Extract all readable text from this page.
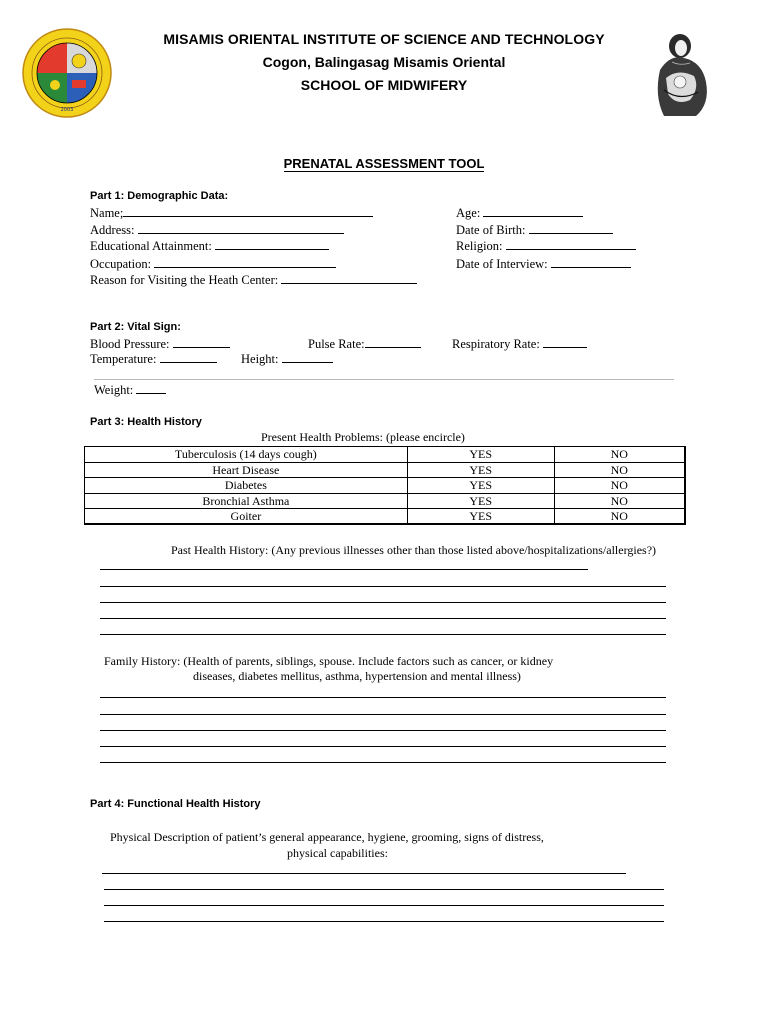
2003
MISAMIS ORIENTAL INSTITUTE OF SCIENCE AND TECHNOLOGY
Cogon, Balingasag Misamis Oriental
SCHOOL OF MIDWIFERY
PRENATAL ASSESSMENT TOOL
Part 1: Demographic Data:
Name;
Address:
Educational Attainment:
Occupation:
Reason for Visiting the Heath Center:
Age:
Date of Birth:
Religion:
Date of Interview:
Part 2: Vital Sign:
Blood Pressure:	Pulse Rate:	Respiratory Rate:
Temperature:	Height:
Weight:
Part 3: Health History
Present Health Problems: (please encircle)
Tuberculosis (14 days cough)	YES	NO
Heart Disease	YES	NO
Diabetes	YES	NO
Bronchial Asthma	YES	NO
Goiter	YES	NO
Past Health History: (Any previous illnesses other than those listed above/hospitalizations/allergies?)
Family History: (Health of parents, siblings, spouse. Include factors such as cancer, or kidney
diseases, diabetes mellitus, asthma, hypertension and mental illness)
Part 4: Functional Health History
Physical Description of patient’s general appearance, hygiene, grooming, signs of distress,
physical capabilities:
